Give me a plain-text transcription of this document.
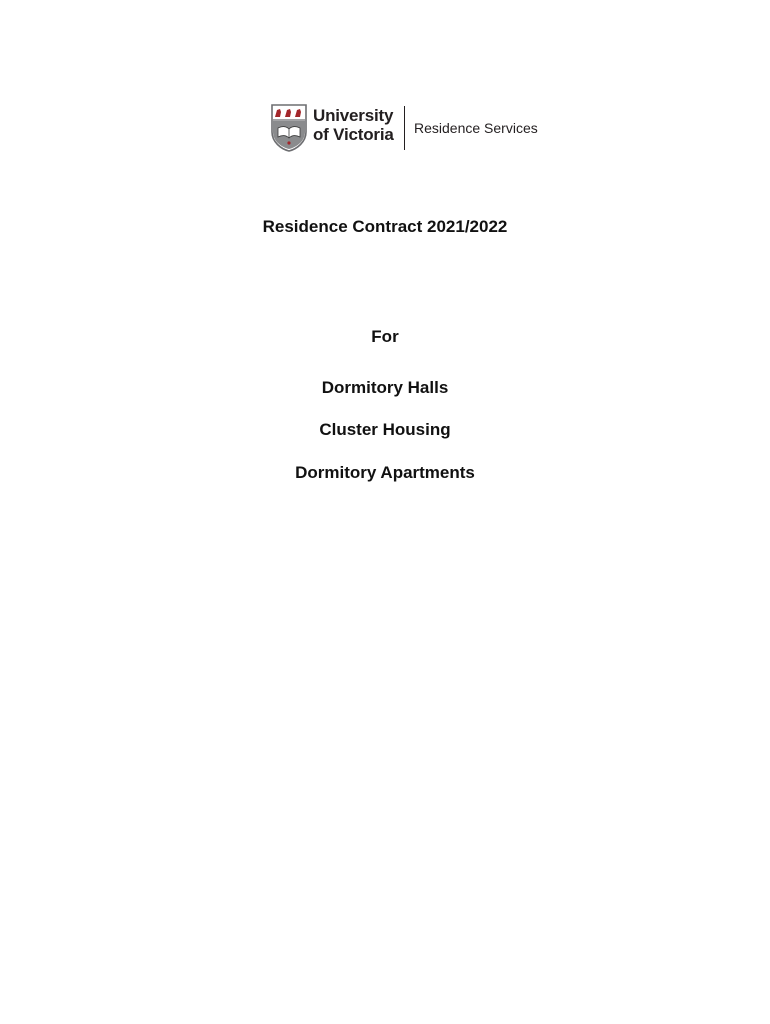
University
of Victoria Residence Services

Residence Contract 2021/2022

For

Dormitory Halls

Cluster Housing

Dormitory Apartments
